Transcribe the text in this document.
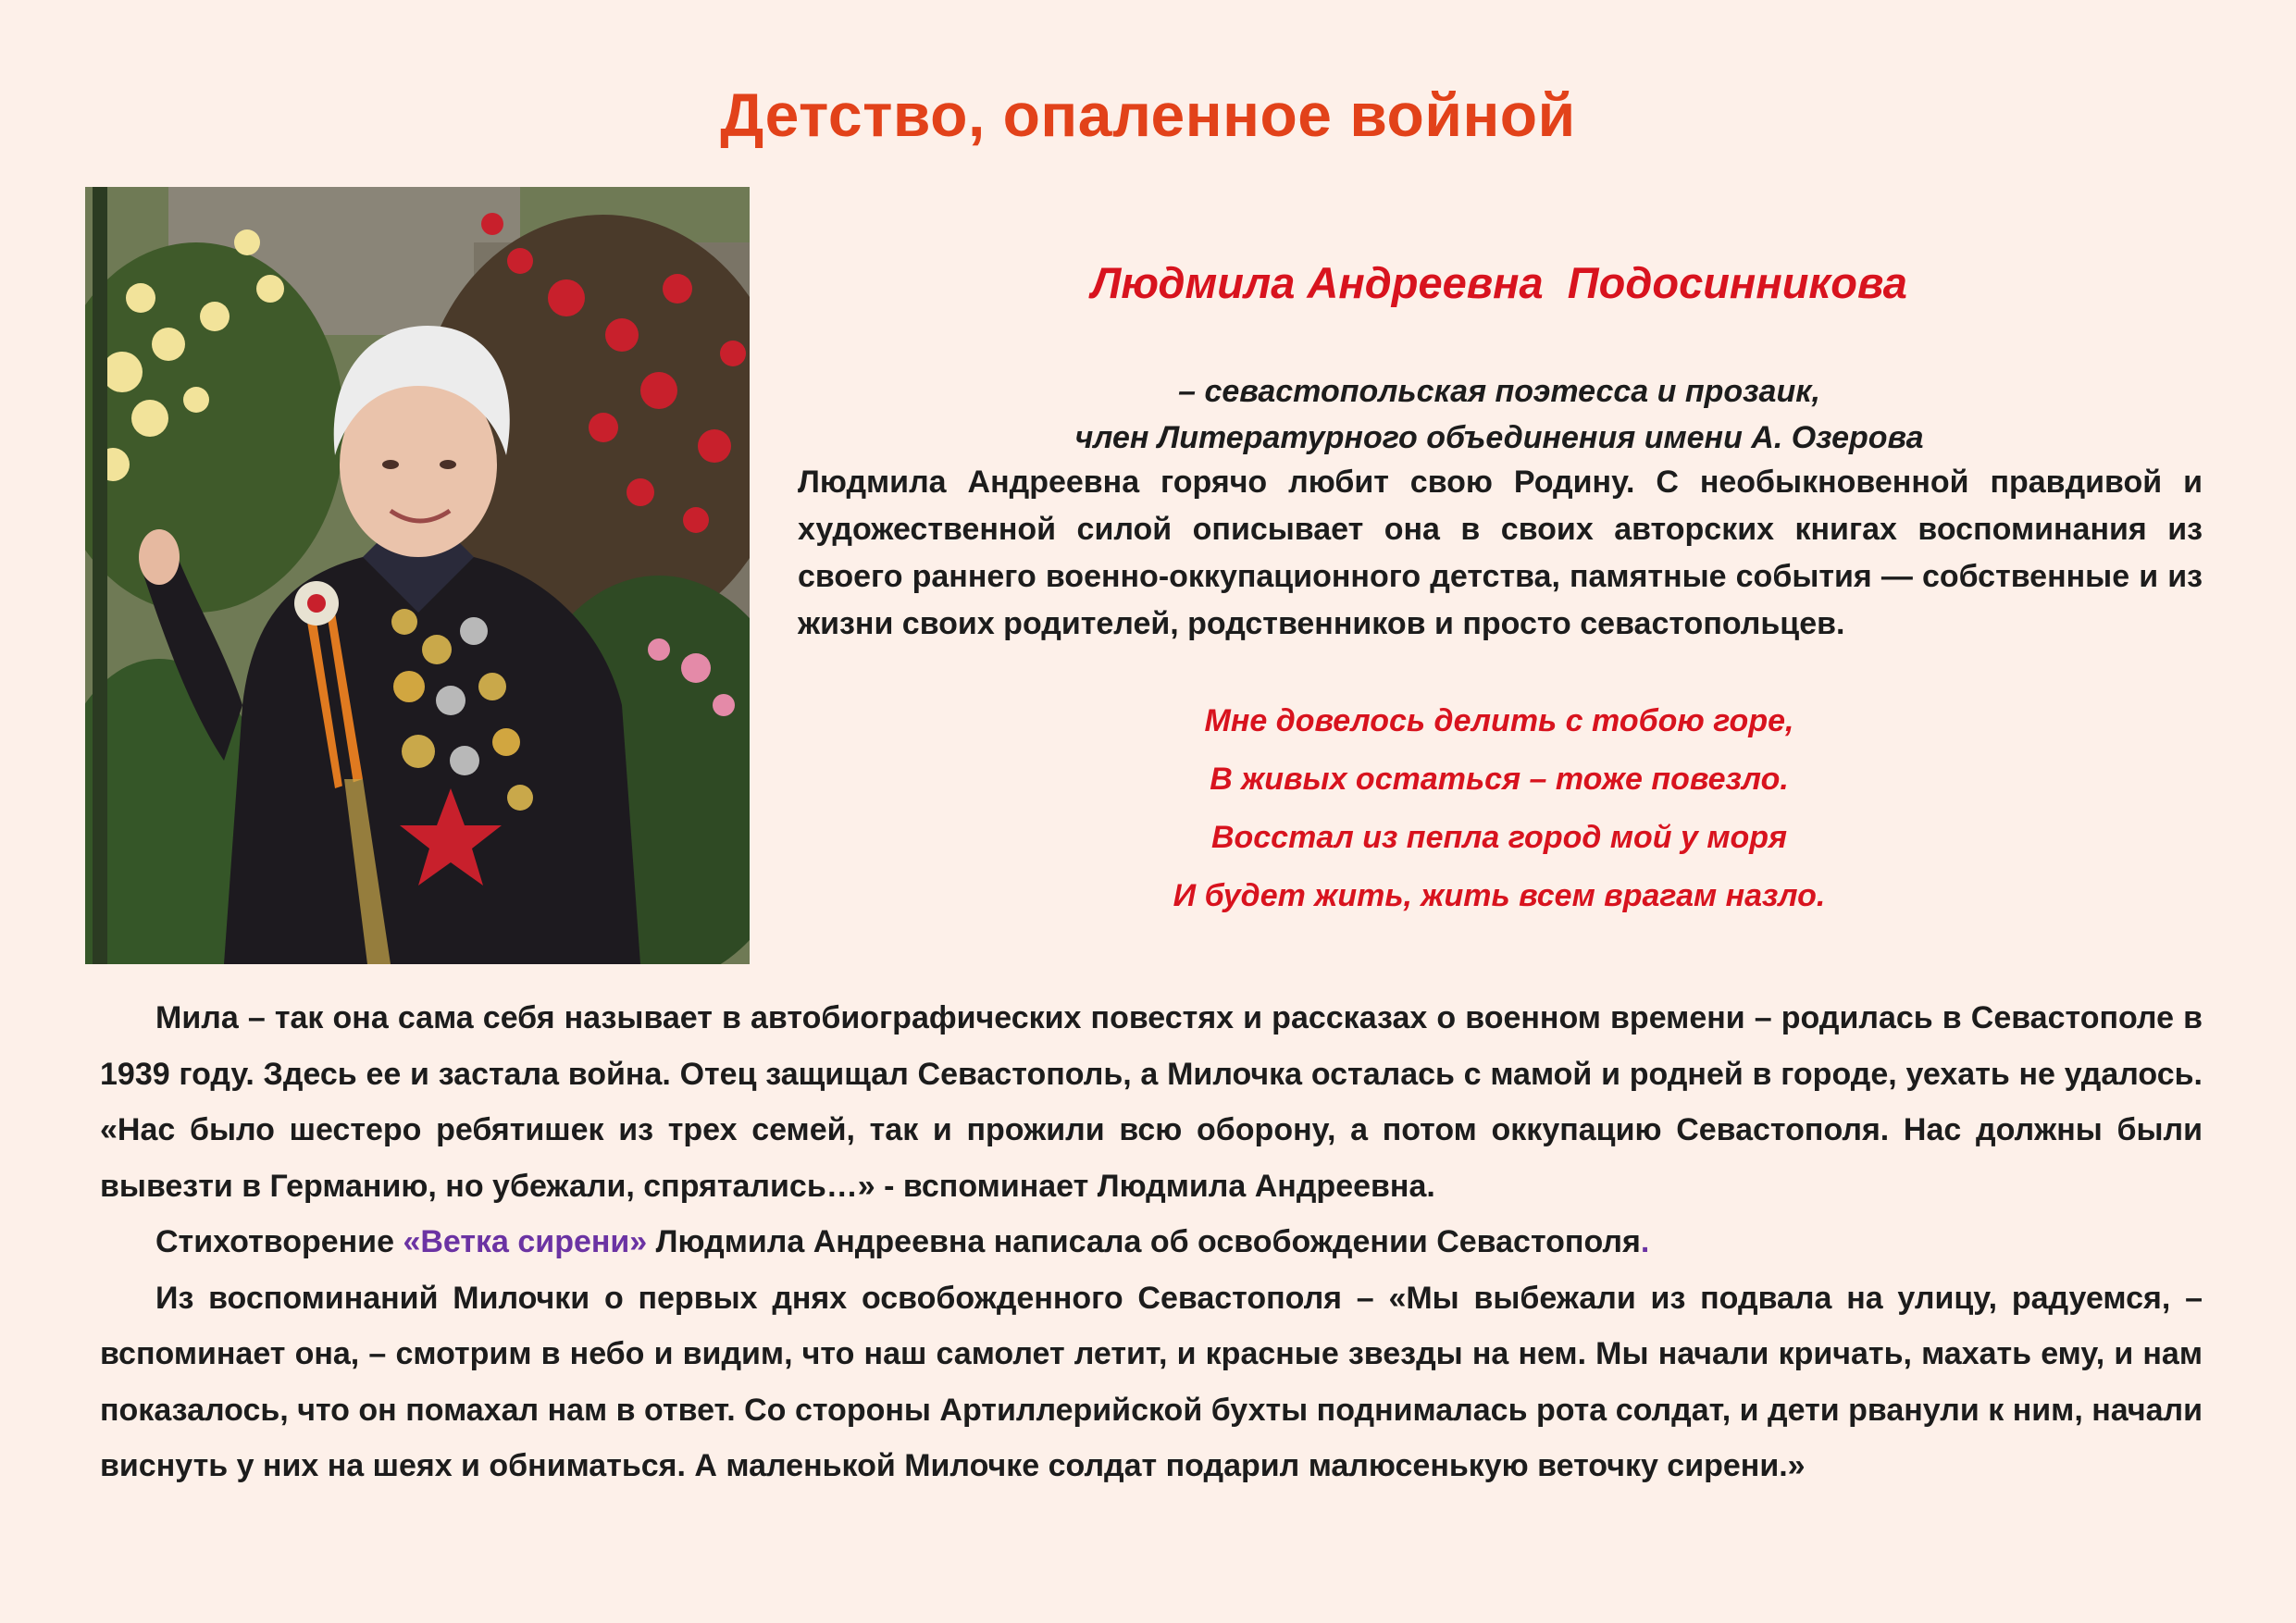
Детство, опаленное войной
Людмила Андреевна  Подосинникова
– севастопольская поэтесса и прозаик,
член Литературного объединения имени А. Озерова

Людмила Андреевна горячо любит свою Родину. С необыкновенной правдивой и художественной силой описывает она в своих авторских книгах воспоминания из своего раннего военно-оккупационного детства, памятные события — собственные и из жизни своих родителей, родственников и просто севастопольцев.

Мне довелось делить с тобою горе,
В живых остаться – тоже повезло.
Восстал из пепла город мой у моря
И будет жить, жить всем врагам назло.

Мила – так она сама себя называет в автобиографических повестях и рассказах о военном времени – родилась в Севастополе в 1939 году. Здесь ее и застала война. Отец защищал Севастополь, а Милочка осталась с мамой и родней в городе, уехать не удалось. «Нас было шестеро ребятишек из трех семей, так и прожили всю оборону, а потом оккупацию Севастополя. Нас должны были вывезти в Германию, но убежали, спрятались…» - вспоминает Людмила Андреевна.

Стихотворение «Ветка сирени» Людмила Андреевна написала об освобождении Севастополя.

Из воспоминаний Милочки о первых днях освобожденного Севастополя – «Мы выбежали из подвала на улицу, радуемся, – вспоминает она, – смотрим в небо и видим, что наш самолет летит, и красные звезды на нем. Мы начали кричать, махать ему, и нам показалось, что он помахал нам в ответ. Со стороны Артиллерийской бухты поднималась рота солдат, и дети рванули к ним, начали виснуть у них на шеях и обниматься. А маленькой Милочке солдат подарил малюсенькую веточку сирени.»
